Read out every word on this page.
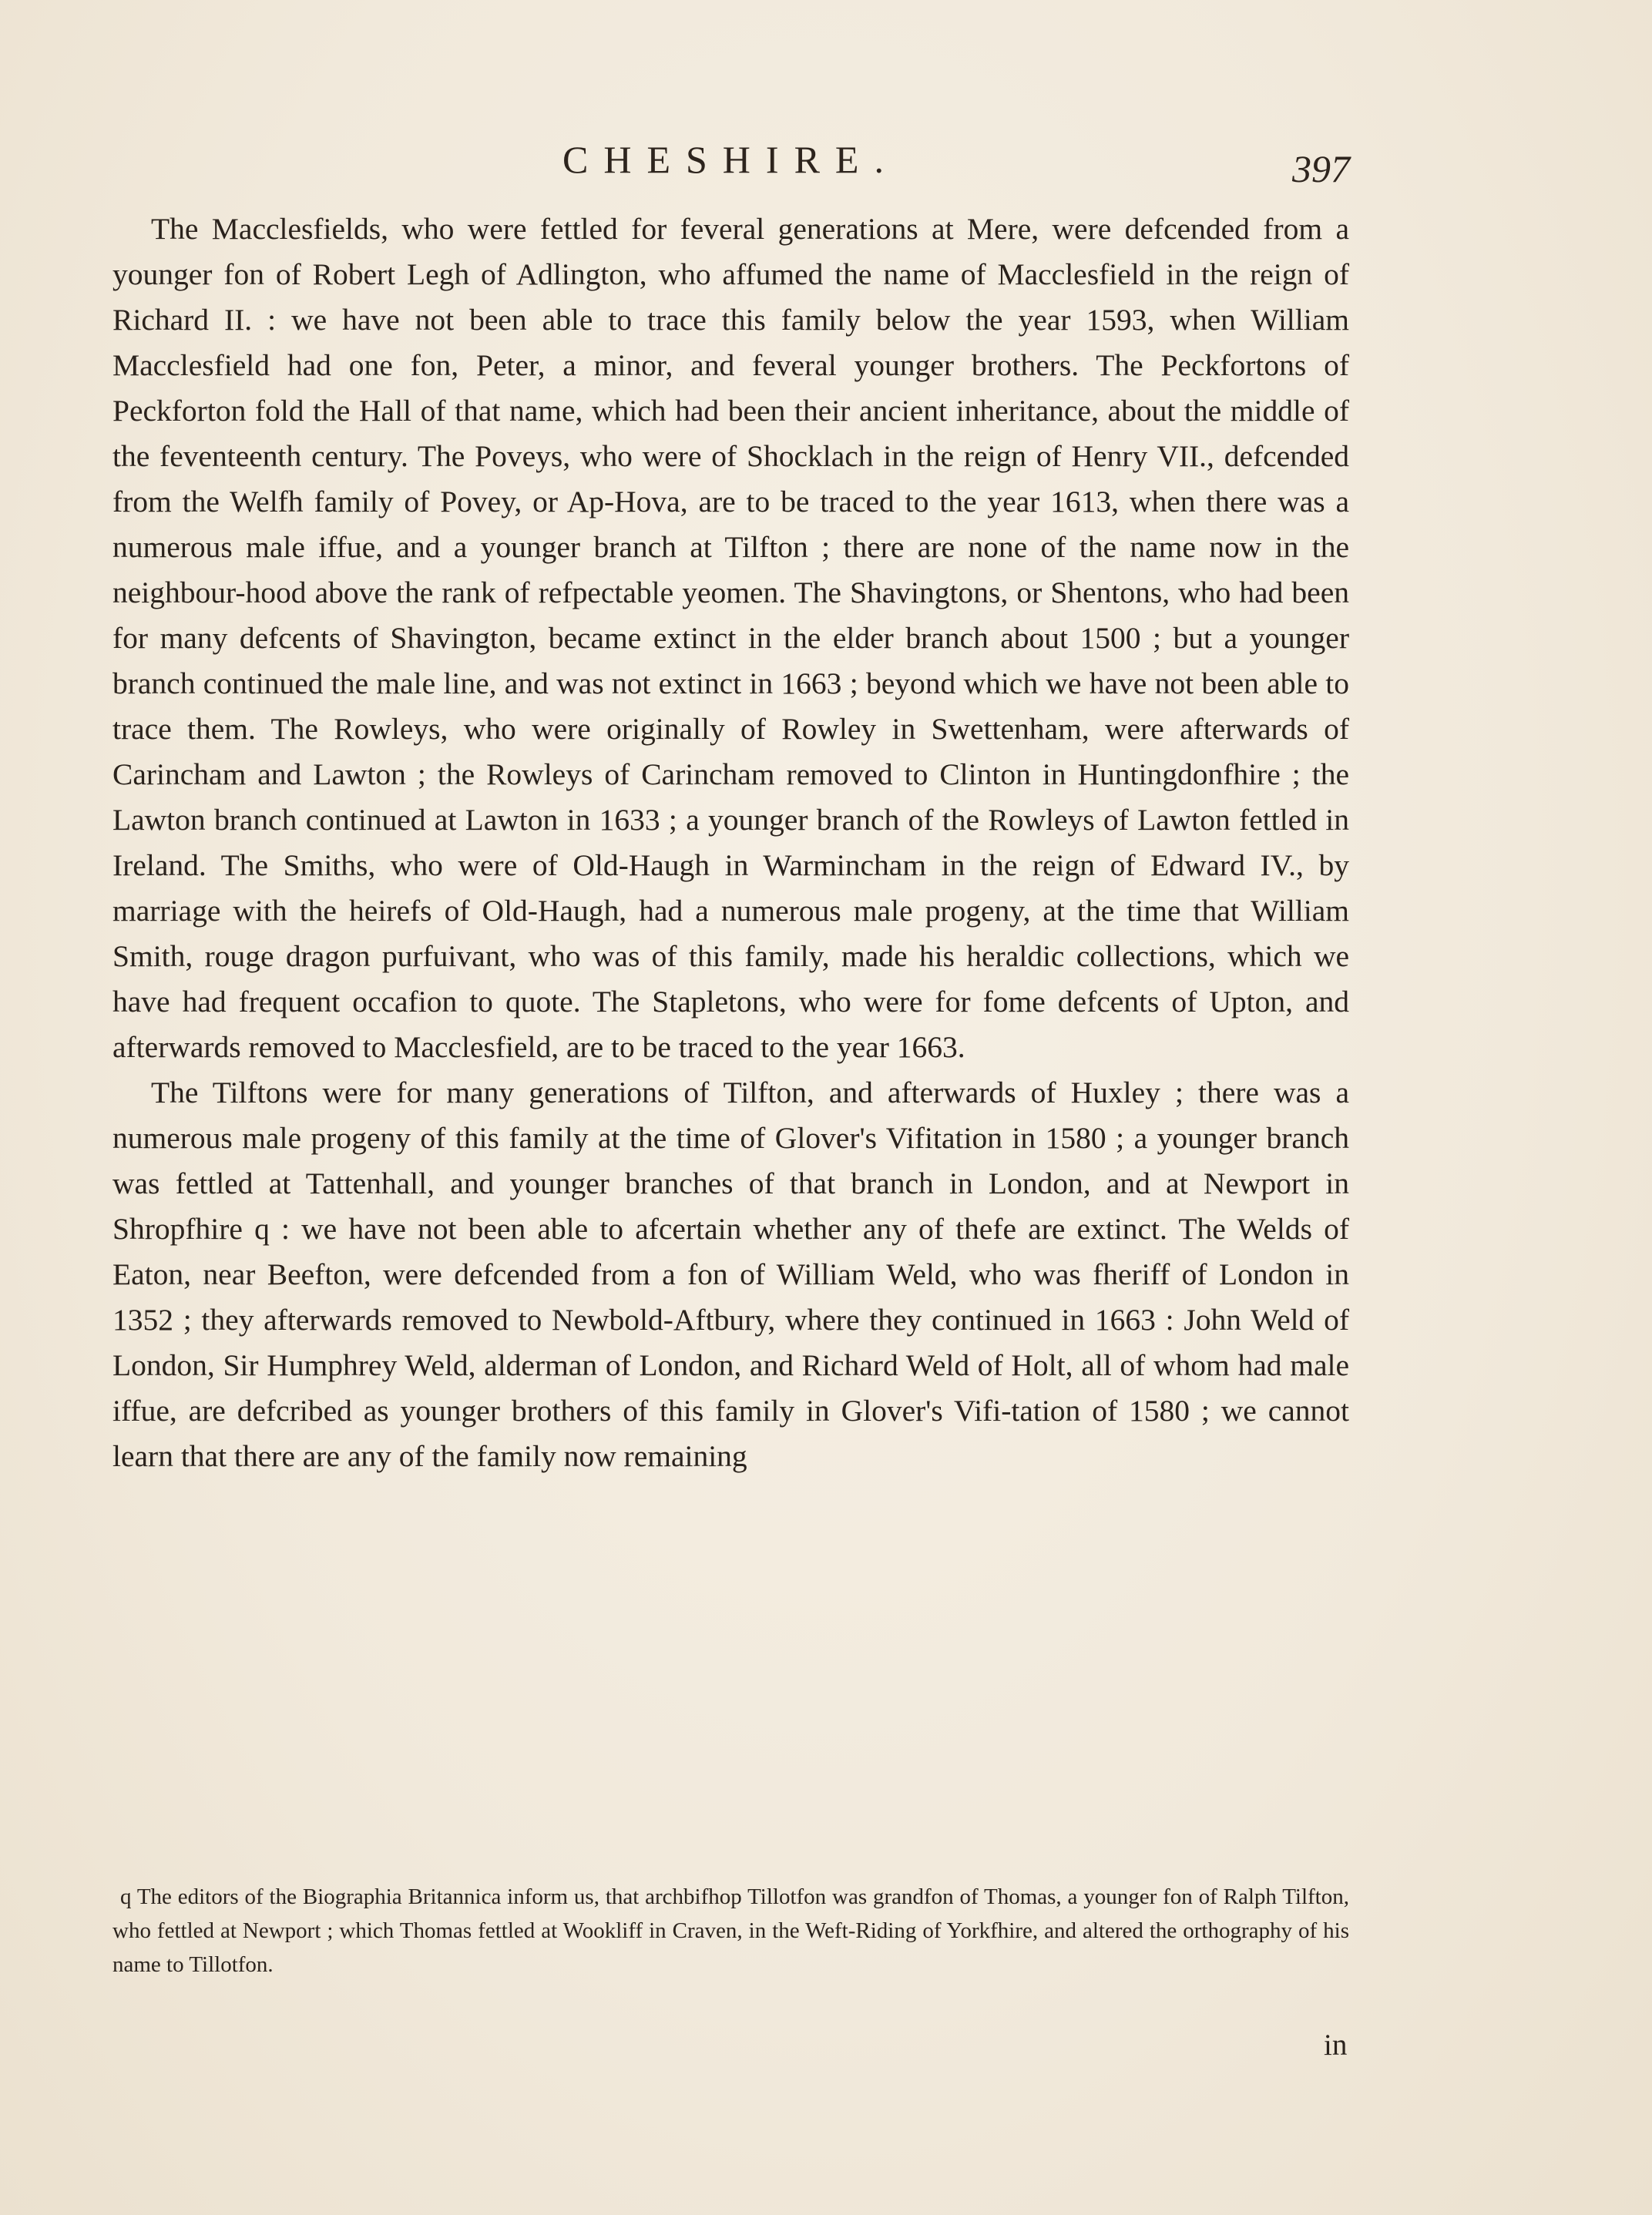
CHESHIRE.	397

The Macclesfields, who were fettled for feveral generations at Mere, were defcended from a younger fon of Robert Legh of Adlington, who affumed the name of Macclesfield in the reign of Richard II. : we have not been able to trace this family below the year 1593, when William Macclesfield had one fon, Peter, a minor, and feveral younger brothers. The Peckfortons of Peckforton fold the Hall of that name, which had been their ancient inheritance, about the middle of the feventeenth century. The Poveys, who were of Shocklach in the reign of Henry VII., defcended from the Welfh family of Povey, or Ap-Hova, are to be traced to the year 1613, when there was a numerous male iffue, and a younger branch at Tilfton ; there are none of the name now in the neighbour-hood above the rank of refpectable yeomen. The Shavingtons, or Shentons, who had been for many defcents of Shavington, became extinct in the elder branch about 1500 ; but a younger branch continued the male line, and was not extinct in 1663 ; beyond which we have not been able to trace them. The Rowleys, who were originally of Rowley in Swettenham, were afterwards of Carincham and Lawton ; the Rowleys of Carincham removed to Clinton in Huntingdonfhire ; the Lawton branch continued at Lawton in 1633 ; a younger branch of the Rowleys of Lawton fettled in Ireland. The Smiths, who were of Old-Haugh in Warmincham in the reign of Edward IV., by marriage with the heirefs of Old-Haugh, had a numerous male progeny, at the time that William Smith, rouge dragon purfuivant, who was of this family, made his heraldic collections, which we have had frequent occafion to quote. The Stapletons, who were for fome defcents of Upton, and afterwards removed to Macclesfield, are to be traced to the year 1663.

The Tilftons were for many generations of Tilfton, and afterwards of Huxley ; there was a numerous male progeny of this family at the time of Glover's Vifitation in 1580 ; a younger branch was fettled at Tattenhall, and younger branches of that branch in London, and at Newport in Shropfhire q : we have not been able to afcertain whether any of thefe are extinct. The Welds of Eaton, near Beefton, were defcended from a fon of William Weld, who was fheriff of London in 1352 ; they afterwards removed to Newbold-Aftbury, where they continued in 1663 : John Weld of London, Sir Humphrey Weld, alderman of London, and Richard Weld of Holt, all of whom had male iffue, are defcribed as younger brothers of this family in Glover's Vifi-tation of 1580 ; we cannot learn that there are any of the family now remaining

q The editors of the Biographia Britannica inform us, that archbifhop Tillotfon was grandfon of Thomas, a younger fon of Ralph Tilfton, who fettled at Newport ; which Thomas fettled at Wookliff in Craven, in the Weft-Riding of Yorkfhire, and altered the orthography of his name to Tillotfon.

in
